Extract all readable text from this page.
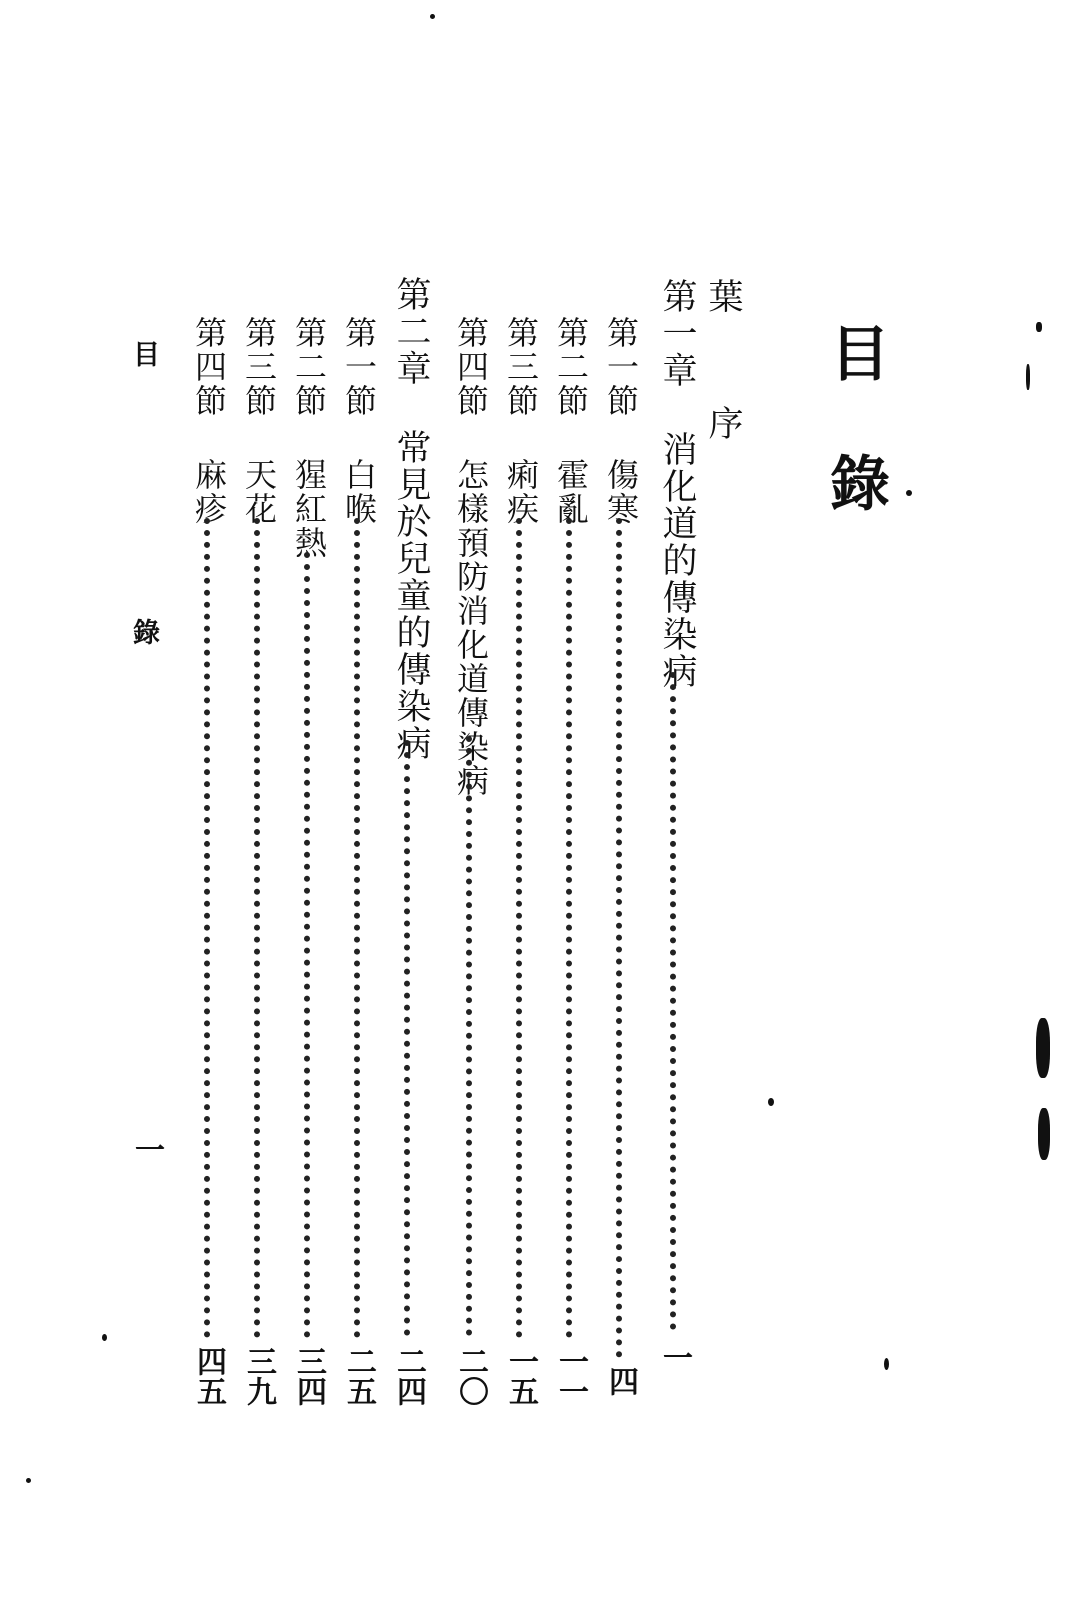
目錄
葉 序
第一章 消化道的傳染病
一
第一節 傷寒
四
第二節 霍亂
一一
第三節 痢疾
一五
第四節 怎樣預防消化道傳染病
二〇
第二章 常見於兒童的傳染病
二四
第一節 白喉
二五
第二節 猩紅熱
三四
第三節 天花
三九
第四節 麻疹
四五
目 錄
一
